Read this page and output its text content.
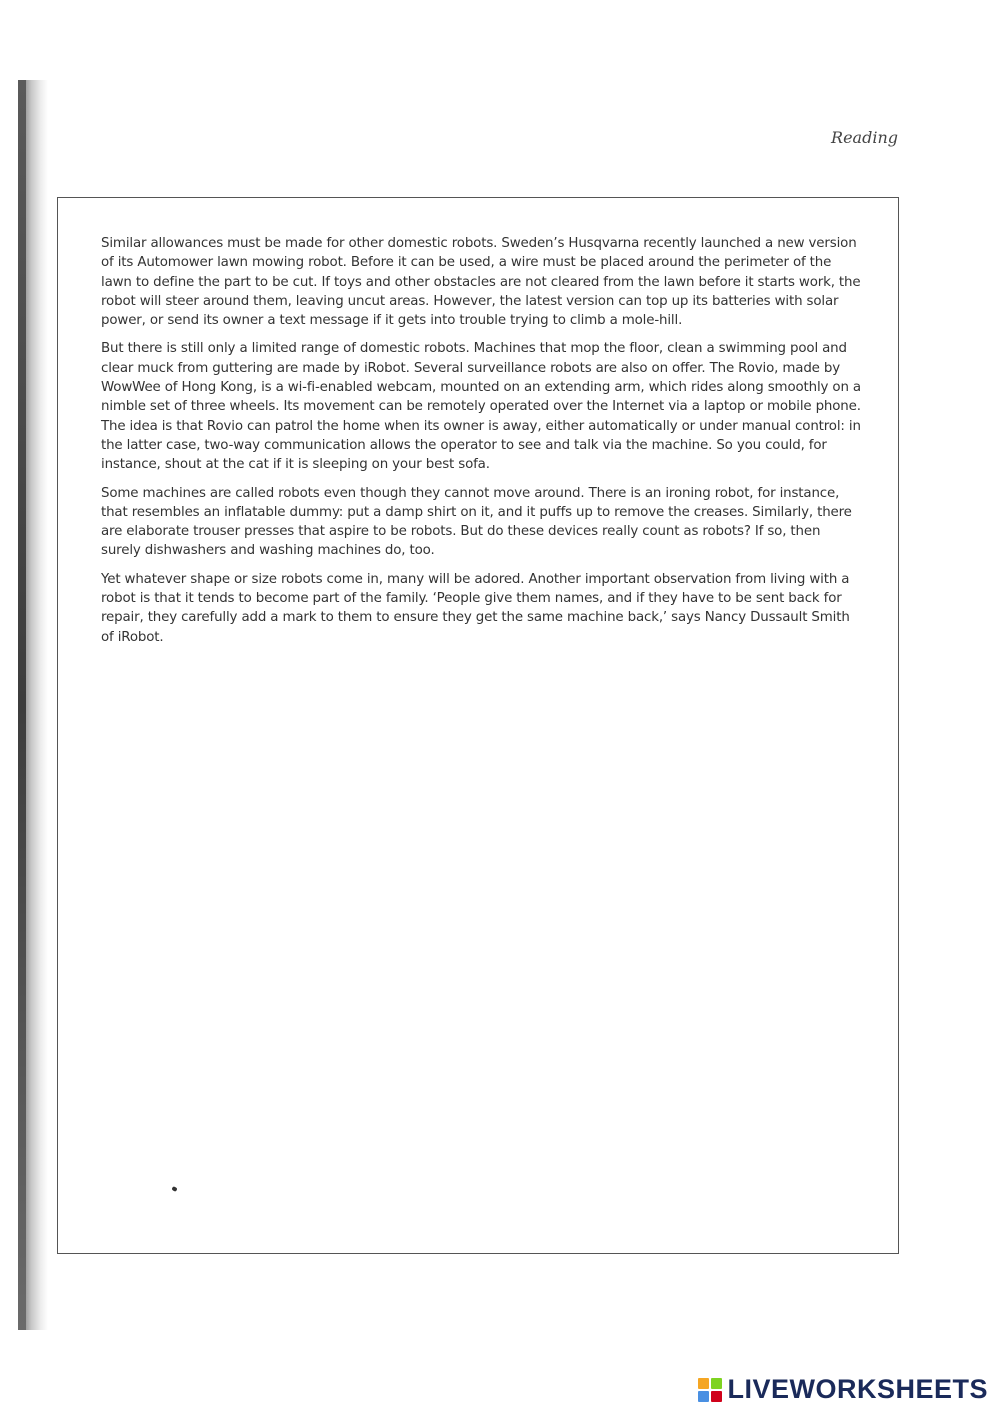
Reading

Similar allowances must be made for other domestic robots. Sweden’s Husqvarna recently launched a new version of its Automower lawn mowing robot. Before it can be used, a wire must be placed around the perimeter of the lawn to define the part to be cut. If toys and other obstacles are not cleared from the lawn before it starts work, the robot will steer around them, leaving uncut areas. However, the latest version can top up its batteries with solar power, or send its owner a text message if it gets into trouble trying to climb a mole-hill.

But there is still only a limited range of domestic robots. Machines that mop the floor, clean a swimming pool and clear muck from guttering are made by iRobot. Several surveillance robots are also on offer. The Rovio, made by WowWee of Hong Kong, is a wi-fi-enabled webcam, mounted on an extending arm, which rides along smoothly on a nimble set of three wheels. Its movement can be remotely operated over the Internet via a laptop or mobile phone. The idea is that Rovio can patrol the home when its owner is away, either automatically or under manual control: in the latter case, two-way communication allows the operator to see and talk via the machine. So you could, for instance, shout at the cat if it is sleeping on your best sofa.

Some machines are called robots even though they cannot move around. There is an ironing robot, for instance, that resembles an inflatable dummy: put a damp shirt on it, and it puffs up to remove the creases. Similarly, there are elaborate trouser presses that aspire to be robots. But do these devices really count as robots? If so, then surely dishwashers and washing machines do, too.

Yet whatever shape or size robots come in, many will be adored. Another important observation from living with a robot is that it tends to become part of the family. ‘People give them names, and if they have to be sent back for repair, they carefully add a mark to them to ensure they get the same machine back,’ says Nancy Dussault Smith of iRobot.

LIVEWORKSHEETS
